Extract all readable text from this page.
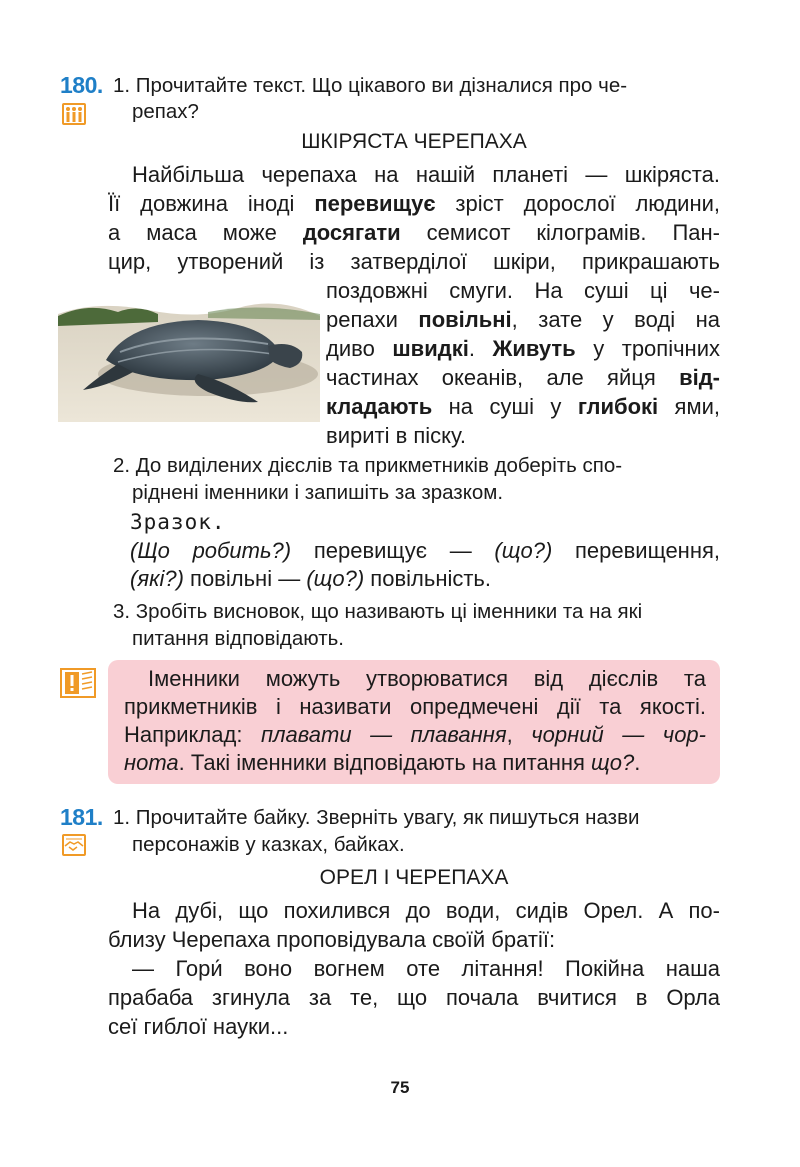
180. 1. Прочитайте текст. Що цікавого ви дізналися про че-
репах?
ШКІРЯСТА ЧЕРЕПАХА
Найбільша черепаха на нашій планеті — шкіряста.
Її довжина іноді перевищує зріст дорослої людини,
а маса може досягати семисот кілограмів. Пан-
цир, утворений із затверділої шкіри, прикрашають
поздовжні смуги. На суші ці че-
репахи повільні, зате у воді на
диво швидкі. Живуть у тропічних
частинах океанів, але яйця від-
кладають на суші у глибокі ями,
вириті в піску.
2. До виділених дієслів та прикметників доберіть спо-
ріднені іменники і запишіть за зразком.
Зразок.
(Що робить?) перевищує — (що?) перевищення,
(які?) повільні — (що?) повільність.
3. Зробіть висновок, що називають ці іменники та на які
питання відповідають.
Іменники можуть утворюватися від дієслів та
прикметників і називати опредмечені дії та якості.
Наприклад: плавати — плавання, чорний — чор-
нота. Такі іменники відповідають на питання що?.
181. 1. Прочитайте байку. Зверніть увагу, як пишуться назви
персонажів у казках, байках.
ОРЕЛ І ЧЕРЕПАХА
На дубі, що похилився до води, сидів Орел. А по-
близу Черепаха проповідувала своїй братії:
— Гори́ воно вогнем оте літання! Покійна наша
прабаба згинула за те, що почала вчитися в Орла
сеї гиблої науки...
75
